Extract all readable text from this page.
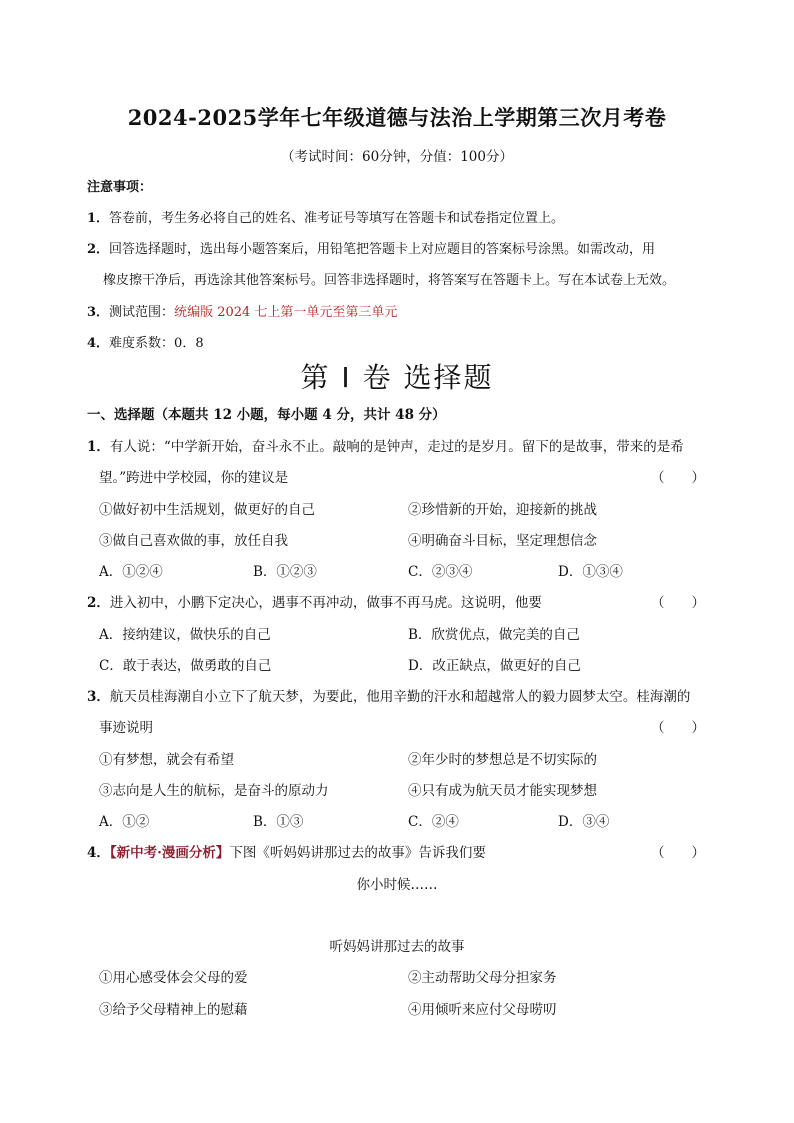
2024-2025学年七年级道德与法治上学期第三次月考卷
（考试时间：60分钟，分值：100分）
注意事项：
1．答卷前，考生务必将自己的姓名、准考证号等填写在答题卡和试卷指定位置上。
2．回答选择题时，选出每小题答案后，用铅笔把答题卡上对应题目的答案标号涂黑。如需改动，用
橡皮擦干净后，再选涂其他答案标号。回答非选择题时，将答案写在答题卡上。写在本试卷上无效。
3．测试范围：统编版 2024 七上第一单元至第三单元
4．难度系数：0．8
第 I 卷 选择题
一、选择题（本题共 12 小题，每小题 4 分，共计 48 分）
1．有人说：“中学新开始，奋斗永不止。敲响的是钟声，走过的是岁月。留下的是故事，带来的是希
望。”跨进中学校园，你的建议是	（　　）
①做好初中生活规划，做更好的自己	②珍惜新的开始，迎接新的挑战
③做自己喜欢做的事，放任自我	④明确奋斗目标，坚定理想信念
A．①②④	B．①②③	C．②③④	D．①③④
2．进入初中，小鹏下定决心，遇事不再冲动，做事不再马虎。这说明，他要	（　　）
A．接纳建议，做快乐的自己	B．欣赏优点，做完美的自己
C．敢于表达，做勇敢的自己	D．改正缺点，做更好的自己
3．航天员桂海潮自小立下了航天梦，为要此，他用辛勤的汗水和超越常人的毅力圆梦太空。桂海潮的
事迹说明	（　　）
①有梦想，就会有希望	②年少时的梦想总是不切实际的
③志向是人生的航标，是奋斗的原动力	④只有成为航天员才能实现梦想
A．①②	B．①③	C．②④	D．③④
4．【新中考·漫画分析】下图《听妈妈讲那过去的故事》告诉我们要	（　　）
你小时候……
听妈妈讲那过去的故事
①用心感受体会父母的爱	②主动帮助父母分担家务
③给予父母精神上的慰藉	④用倾听来应付父母唠叨
